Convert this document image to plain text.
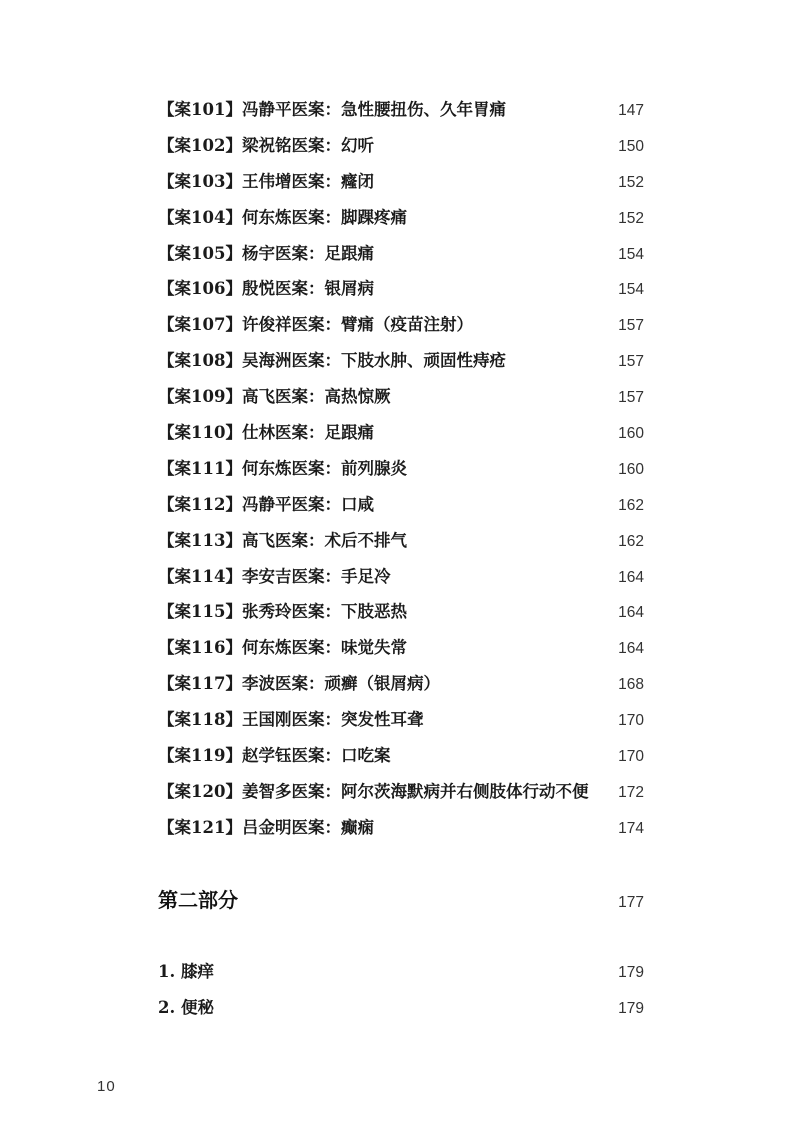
【案101】冯静平医案：急性腰扭伤、久年胃痛	147
【案102】梁祝铭医案：幻听	150
【案103】王伟增医案：癃闭	152
【案104】何东炼医案：脚踝疼痛	152
【案105】杨宇医案：足跟痛	154
【案106】殷悦医案：银屑病	154
【案107】许俊祥医案：臂痛（疫苗注射）	157
【案108】吴海洲医案：下肢水肿、顽固性痔疮	157
【案109】高飞医案：高热惊厥	157
【案110】仕林医案：足跟痛	160
【案111】何东炼医案：前列腺炎	160
【案112】冯静平医案：口咸	162
【案113】高飞医案：术后不排气	162
【案114】李安吉医案：手足冷	164
【案115】张秀玲医案：下肢恶热	164
【案116】何东炼医案：味觉失常	164
【案117】李波医案：顽癣（银屑病）	168
【案118】王国刚医案：突发性耳聋	170
【案119】赵学钰医案：口吃案	170
【案120】姜智多医案：阿尔茨海默病并右侧肢体行动不便 172
【案121】吕金明医案：癫痫	174
第二部分	177
1. 膝痒	179
2. 便秘	179
10
